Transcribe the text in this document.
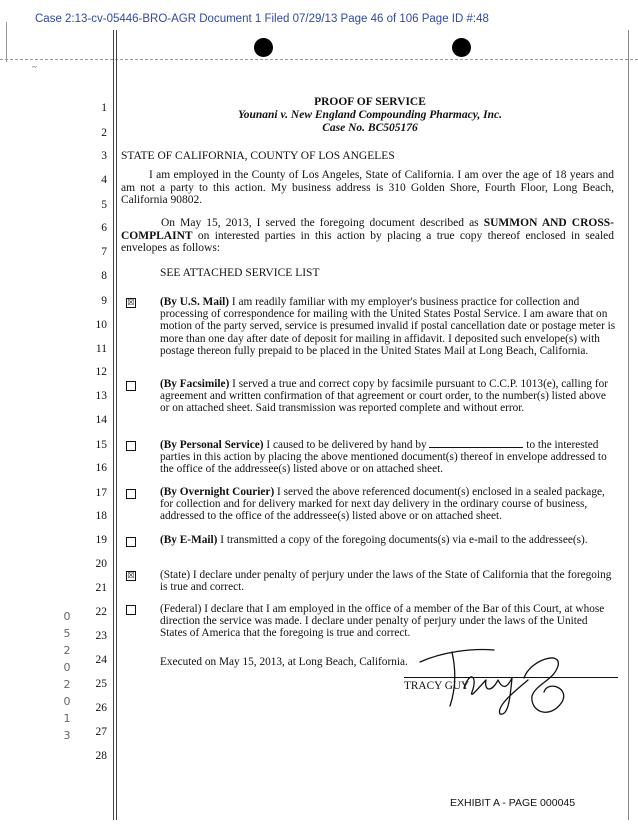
Case 2:13-cv-05446-BRO-AGR Document 1 Filed 07/29/13 Page 46 of 106 Page ID #:48
~
1
2
3
4
5
6
7
8
9
10
11
12
13
14
15
16
17
18
19
20
21
22
23
24
25
26
27
28
0
5
2
0
2
0
1
3
PROOF OF SERVICE
Younani v. New England Compounding Pharmacy, Inc.
Case No. BC505176
STATE OF CALIFORNIA, COUNTY OF LOS ANGELES
I am employed in the County of Los Angeles, State of California. I am over the age of 18 years and am not a party to this action. My business address is 310 Golden Shore, Fourth Floor, Long Beach, California 90802.
On May 15, 2013, I served the foregoing document described as SUMMON AND CROSS-COMPLAINT on interested parties in this action by placing a true copy thereof enclosed in sealed envelopes as follows:
SEE ATTACHED SERVICE LIST
☒ (By U.S. Mail) I am readily familiar with my employer's business practice for collection and processing of correspondence for mailing with the United States Postal Service. I am aware that on motion of the party served, service is presumed invalid if postal cancellation date or postage meter is more than one day after date of deposit for mailing in affidavit. I deposited such envelope(s) with postage thereon fully prepaid to be placed in the United States Mail at Long Beach, California.
(By Facsimile) I served a true and correct copy by facsimile pursuant to C.C.P. 1013(e), calling for agreement and written confirmation of that agreement or court order, to the number(s) listed above or on attached sheet. Said transmission was reported complete and without error.
(By Personal Service) I caused to be delivered by hand by	to the interested parties in this action by placing the above mentioned document(s) thereof in envelope addressed to the office of the addressee(s) listed above or on attached sheet.
(By Overnight Courier) I served the above referenced document(s) enclosed in a sealed package, for collection and for delivery marked for next day delivery in the ordinary course of business, addressed to the office of the addressee(s) listed above or on attached sheet.
(By E-Mail) I transmitted a copy of the foregoing documents(s) via e-mail to the addressee(s).
☒ (State) I declare under penalty of perjury under the laws of the State of California that the foregoing is true and correct.
(Federal) I declare that I am employed in the office of a member of the Bar of this Court, at whose direction the service was made. I declare under penalty of perjury under the laws of the United States of America that the foregoing is true and correct.
Executed on May 15, 2013, at Long Beach, California.
TRACY GUY
EXHIBIT A - PAGE 000045
